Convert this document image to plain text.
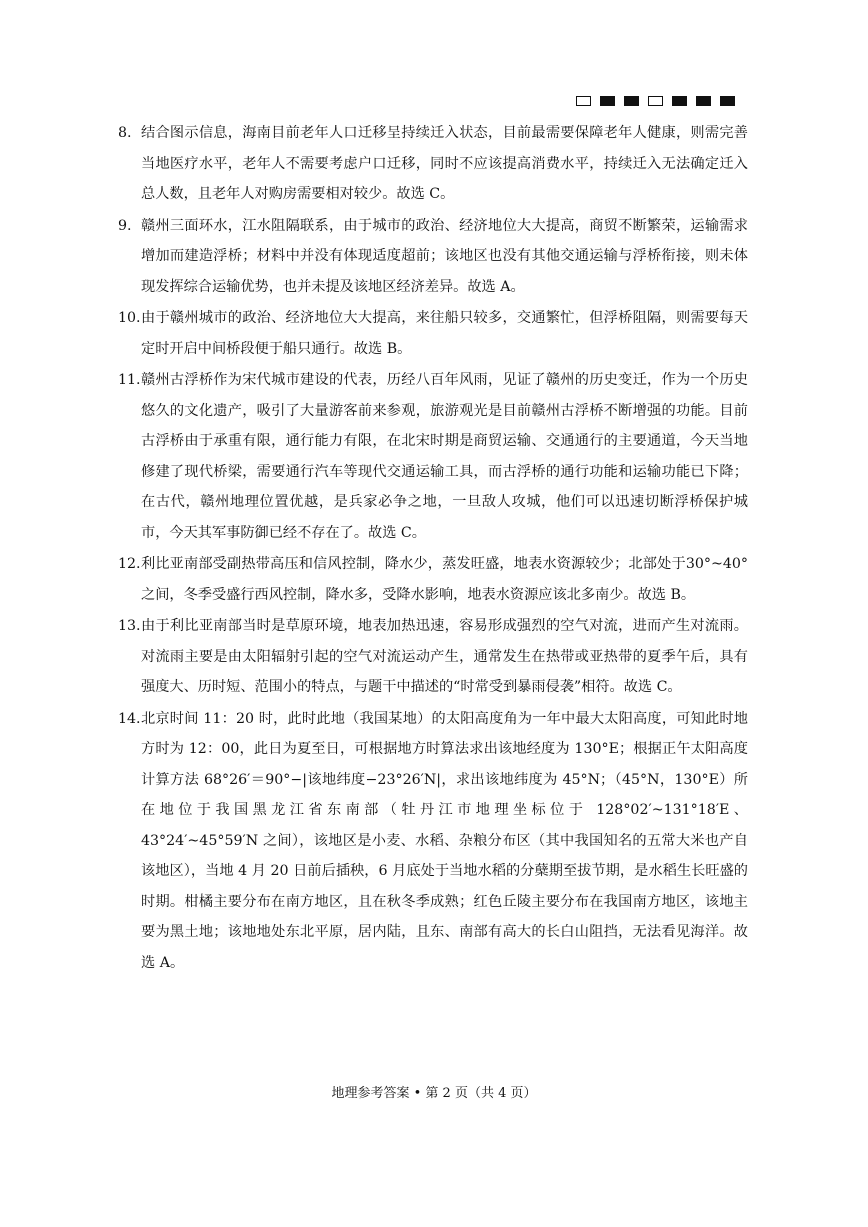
8. 结合图示信息，海南目前老年人口迁移呈持续迁入状态，目前最需要保障老年人健康，则需完善当地医疗水平，老年人不需要考虑户口迁移，同时不应该提高消费水平，持续迁入无法确定迁入总人数，且老年人对购房需要相对较少。故选 C。
9. 赣州三面环水，江水阻隔联系，由于城市的政治、经济地位大大提高，商贸不断繁荣，运输需求增加而建造浮桥；材料中并没有体现适度超前；该地区也没有其他交通运输与浮桥衔接，则未体现发挥综合运输优势，也并未提及该地区经济差异。故选 A。
10. 由于赣州城市的政治、经济地位大大提高，来往船只较多，交通繁忙，但浮桥阻隔，则需要每天定时开启中间桥段便于船只通行。故选 B。
11. 赣州古浮桥作为宋代城市建设的代表，历经八百年风雨，见证了赣州的历史变迁，作为一个历史悠久的文化遗产，吸引了大量游客前来参观，旅游观光是目前赣州古浮桥不断增强的功能。目前古浮桥由于承重有限，通行能力有限，在北宋时期是商贸运输、交通通行的主要通道，今天当地修建了现代桥梁，需要通行汽车等现代交通运输工具，而古浮桥的通行功能和运输功能已下降；在古代，赣州地理位置优越，是兵家必争之地，一旦敌人攻城，他们可以迅速切断浮桥保护城市，今天其军事防御已经不存在了。故选 C。
12. 利比亚南部受副热带高压和信风控制，降水少，蒸发旺盛，地表水资源较少；北部处于30°~40°之间，冬季受盛行西风控制，降水多，受降水影响，地表水资源应该北多南少。故选 B。
13. 由于利比亚南部当时是草原环境，地表加热迅速，容易形成强烈的空气对流，进而产生对流雨。对流雨主要是由太阳辐射引起的空气对流运动产生，通常发生在热带或亚热带的夏季午后，具有强度大、历时短、范围小的特点，与题干中描述的“时常受到暴雨侵袭”相符。故选 C。
14. 北京时间 11：20 时，此时此地（我国某地）的太阳高度角为一年中最大太阳高度，可知此时地方时为 12：00，此日为夏至日，可根据地方时算法求出该地经度为 130°E；根据正午太阳高度计算方法 68°26′＝90°−|该地纬度−23°26′N|，求出该地纬度为 45°N；（45°N，130°E）所在地位于我国黑龙江省东南部（牡丹江市地理坐标位于 128°02′~131°18′E、43°24′~45°59′N 之间），该地区是小麦、水稻、杂粮分布区（其中我国知名的五常大米也产自该地区），当地 4 月 20 日前后插秧，6 月底处于当地水稻的分蘖期至拔节期，是水稻生长旺盛的时期。柑橘主要分布在南方地区，且在秋冬季成熟；红色丘陵主要分布在我国南方地区，该地主要为黑土地；该地地处东北平原，居内陆，且东、南部有高大的长白山阻挡，无法看见海洋。故选 A。
地理参考答案 • 第 2 页（共 4 页）
